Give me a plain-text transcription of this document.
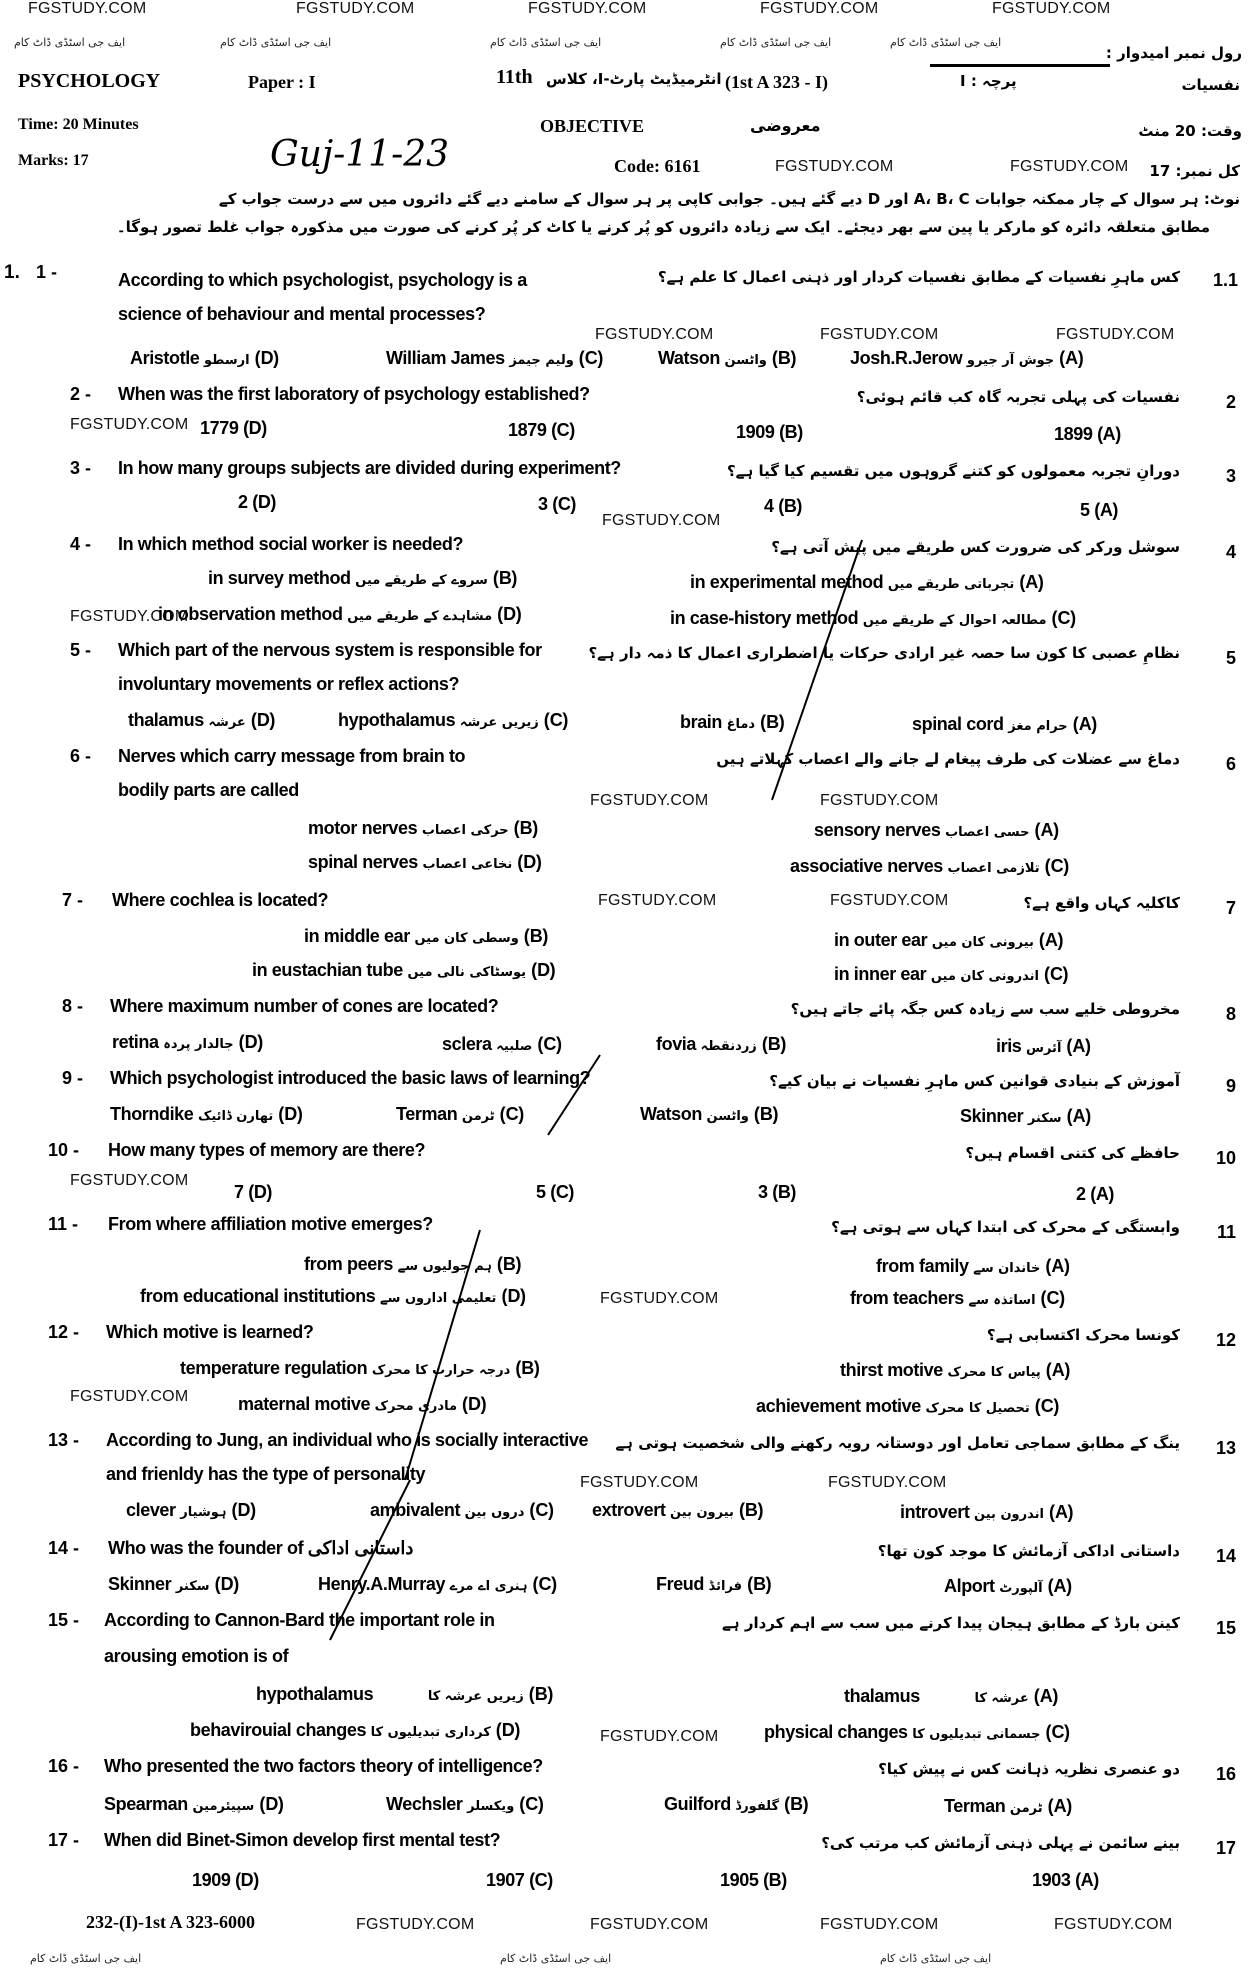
FGSTUDY.COM	FGSTUDY.COM	FGSTUDY.COM	FGSTUDY.COM	FGSTUDY.COM
ایف جی اسٹڈی ڈاٹ کام	ایف جی اسٹڈی ڈاٹ کام	ایف جی اسٹڈی ڈاٹ کام	ایف جی اسٹڈی ڈاٹ کام	ایف جی اسٹڈی ڈاٹ کام
رول نمبر امیدوار :
PSYCHOLOGY	Paper : I	11th انٹرمیڈیٹ پارٹ-I، کلاس (1st A 323 - I)	پرچہ : I	نفسیات
Time: 20 Minutes	OBJECTIVE	معروضی	وقت: 20 منٹ
Marks: 17	Guj-11-23	Code: 6161	FGSTUDY.COM	FGSTUDY.COM کل نمبر: 17
نوٹ: ہر سوال کے چار ممکنہ جوابات A، B، C اور D دیے گئے ہیں۔ جوابی کاپی پر ہر سوال کے سامنے دیے گئے دائروں میں سے درست جواب کے
مطابق متعلقہ دائرہ کو مارکر یا پین سے بھر دیجئے۔ ایک سے زیادہ دائروں کو پُر کرنے یا کاٹ کر پُر کرنے کی صورت میں مذکورہ جواب غلط تصور ہوگا۔
1. 1 -	According to which psychologist, psychology is a
science of behaviour and mental processes?
کس ماہرِ نفسیات کے مطابق نفسیات کردار اور ذہنی اعمال کا علم ہے؟ 1.1
FGSTUDY.COM	FGSTUDY.COM	FGSTUDY.COM
Aristotle ارسطو (D)	William James ولیم جیمز (C)	Watson واٹسن (B)	Josh.R.Jerow جوش آر جیرو (A)
2 - When was the first laboratory of psychology established?	نفسیات کی پہلی تجربہ گاہ کب قائم ہوئی؟	2
FGSTUDY.COM 1779 (D)	1879 (C)	1909 (B)	1899 (A)
3 - In how many groups subjects are divided during experiment?	دورانِ تجربہ معمولوں کو کتنے گروہوں میں تقسیم کیا گیا ہے؟	3
2 (D)	3 (C)	4 (B)	5 (A)
FGSTUDY.COM
4 - In which method social worker is needed?	سوشل ورکر کی ضرورت کس طریقے میں پیش آتی ہے؟	4
in survey method سروے کے طریقے میں (B)	in experimental method تجرباتی طریقے میں (A)
FGSTUDY.COM
in observation method مشاہدے کے طریقے میں (D)	in case-history method مطالعہ احوال کے طریقے میں (C)
5 - Which part of the nervous system is responsible for
involuntary movements or reflex actions?
نظامِ عصبی کا کون سا حصہ غیر ارادی حرکات یا اضطراری اعمال کا ذمہ دار ہے؟	5
thalamus عرشہ (D)	hypothalamus زیریں عرشہ (C)	brain دماغ (B)	spinal cord حرام مغز (A)
6 - Nerves which carry message from brain to
bodily parts are called
دماغ سے عضلات کی طرف پیغام لے جانے والے اعصاب کہلاتے ہیں	6
FGSTUDY.COM	FGSTUDY.COM
motor nerves حرکی اعصاب (B)	sensory nerves حسی اعصاب (A)
spinal nerves نخاعی اعصاب (D)	associative nerves تلازمی اعصاب (C)
7 - Where cochlea is located?	FGSTUDY.COM	FGSTUDY.COM	کاکلیہ کہاں واقع ہے؟	7
in middle ear وسطی کان میں (B)	in outer ear بیرونی کان میں (A)
in eustachian tube یوسٹاکی نالی میں (D)	in inner ear اندرونی کان میں (C)
8 - Where maximum number of cones are located?	مخروطی خلیے سب سے زیادہ کس جگہ پائے جاتے ہیں؟	8
retina جالدار پردہ (D)	sclera صلبیہ (C)	fovia زردنقطہ (B)	iris آئرس (A)
9 - Which psychologist introduced the basic laws of learning?	آموزش کے بنیادی قوانین کس ماہرِ نفسیات نے بیان کیے؟	9
Thorndike تھارن ڈائیک (D)	Terman ٹرمن (C)	Watson واٹسن (B)	Skinner سکنر (A)
10 - How many types of memory are there?	حافظے کی کتنی اقسام ہیں؟ 10
FGSTUDY.COM
7 (D)	5 (C)	3 (B)	2 (A)
11 - From where affiliation motive emerges?	وابستگی کے محرک کی ابتدا کہاں سے ہوتی ہے؟ 11
from peers ہم جولیوں سے (B)	from family خاندان سے (A)
from educational institutions تعلیمی اداروں سے (D)	FGSTUDY.COM	from teachers اساتذہ سے (C)
12 - Which motive is learned?	کونسا محرک اکتسابی ہے؟ 12
temperature regulation درجہ حرارت کا محرک (B)	thirst motive پیاس کا محرک (A)
FGSTUDY.COM	maternal motive مادری محرک (D)	achievement motive تحصیل کا محرک (C)
13 - According to Jung, an individual who is socially interactive
and frienldy has the type of personality
ینگ کے مطابق سماجی تعامل اور دوستانہ رویہ رکھنے والی شخصیت ہوتی ہے 13
FGSTUDY.COM	FGSTUDY.COM
clever ہوشیار (D)	ambivalent دروں بین (C) extrovert بیرون بین (B)	introvert اندرون بین (A)
14 - Who was the founder of داستانی اداکی	داستانی اداکی آزمائش کا موجد کون تھا؟ 14
Skinner سکنر (D)	Henry.A.Murray ہنری اے مرے (C)	Freud فرائڈ (B)	Alport آلپورٹ (A)
15 - According to Cannon-Bard the important role in
arousing emotion is of
کینن بارڈ کے مطابق ہیجان پیدا کرنے میں سب سے اہم کردار ہے 15
hypothalamus	زیریں عرشہ کا (B)	thalamus	عرشہ کا (A)
behavirouial changes کرداری تبدیلیوں کا (D)	FGSTUDY.COM	physical changes جسمانی تبدیلیوں کا (C)
16 - Who presented the two factors theory of intelligence?	دو عنصری نظریہ ذہانت کس نے پیش کیا؟ 16
Spearman سپیئرمین (D)	Wechsler ویکسلر (C)	Guilford گلفورڈ (B)	Terman ٹرمن (A)
17 - When did Binet-Simon develop first mental test?	بینے سائمن نے پہلی ذہنی آزمائش کب مرتب کی؟ 17
1909 (D)	1907 (C)	1905 (B)	1903 (A)
232-(I)-1st A 323-6000	FGSTUDY.COM	FGSTUDY.COM	FGSTUDY.COM	FGSTUDY.COM
ایف جی اسٹڈی ڈاٹ کام	ایف جی اسٹڈی ڈاٹ کام	ایف جی اسٹڈی ڈاٹ کام
